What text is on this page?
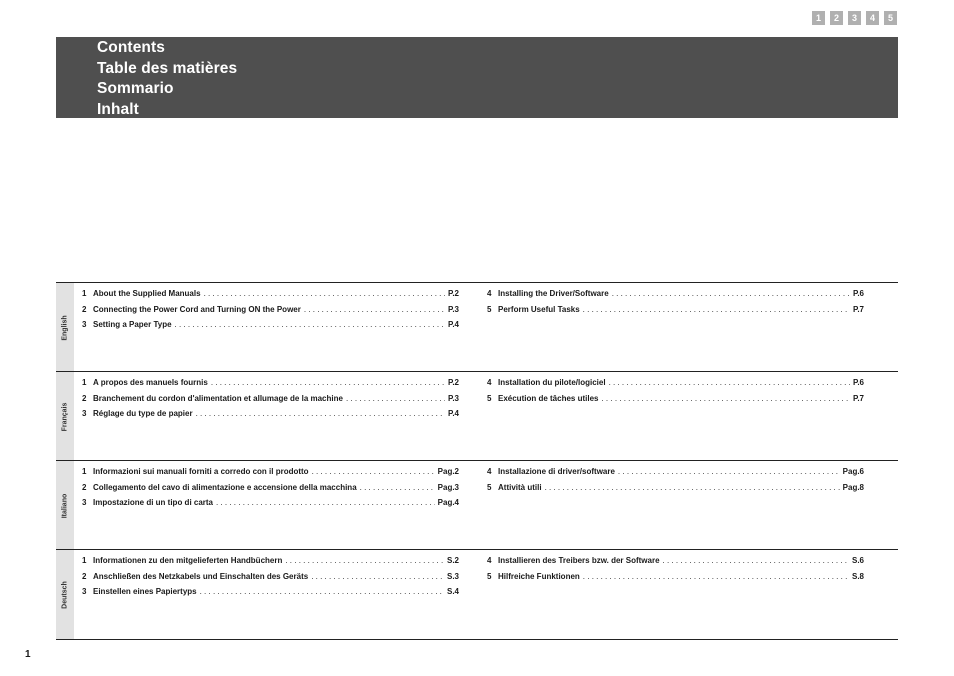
1	2	3	4	5
Contents
Table des matières
Sommario
Inhalt
English
1 About the Supplied Manuals . . .	P.2
2 Connecting the Power Cord and Turning ON the Power . . .	P.3
3 Setting a Paper Type . . .	P.4
4 Installing the Driver/Software . . .	P.6
5 Perform Useful Tasks . . .	P.7
Français
1 A propos des manuels fournis . . .	P.2
2 Branchement du cordon d'alimentation et allumage de la machine . . .	P.3
3 Réglage du type de papier . . .	P.4
4 Installation du pilote/logiciel . . .	P.6
5 Exécution de tâches utiles . . .	P.7
Italiano
1 Informazioni sui manuali forniti a corredo con il prodotto . . .	Pag.2
2 Collegamento del cavo di alimentazione e accensione della macchina . . .	Pag.3
3 Impostazione di un tipo di carta . . .	Pag.4
4 Installazione di driver/software . . .	Pag.6
5 Attività utili . . .	Pag.8
Deutsch
1 Informationen zu den mitgelieferten Handbüchern . . .	S.2
2 Anschließen des Netzkabels und Einschalten des Geräts . . .	S.3
3 Einstellen eines Papiertyps . . .	S.4
4 Installieren des Treibers bzw. der Software . . .	S.6
5 Hilfreiche Funktionen . . .	S.8
1
